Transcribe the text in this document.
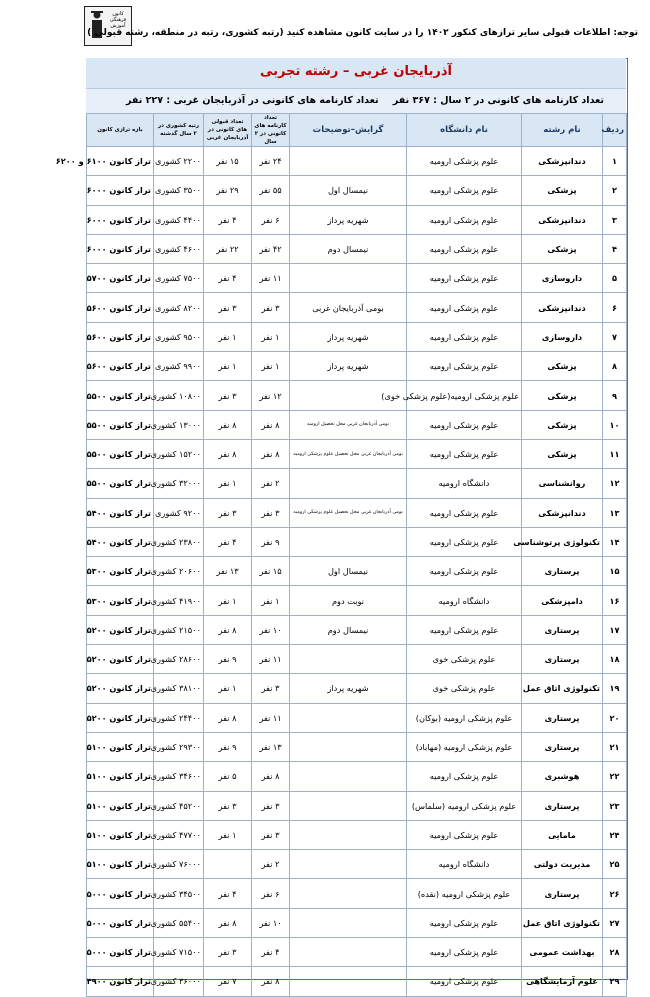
کانون فرهنگی آموزش
توجه: اطلاعات قبولی سایر ترازهای کنکور ۱۴۰۲ را در سایت کانون مشاهده کنید (رتبه کشوری، رتبه در منطقه، رشته قبولی )
آذربایجان غربی – رشته تجربی
تعداد کارنامه های کانونی در ۲ سال : ۳۶۷ نفر
تعداد کارنامه های کانونی در آذربایجان غربی : ۲۲۷ نفر
ردیف	نام رشته	نام دانشگاه	گرایش–توضیحات	تعداد کارنامه های کانونی در ۲ سال	تعداد قبولی های کانونی در آذربایجان غربی	رتبه کشوری در ۲ سال گذشته	بازه ترازی کانون
۱	دندانپزشکی	علوم پزشکی ارومیه		۲۴ نفر	۱۵ نفر	۲۲۰۰ کشوری	تراز کانون ۶۱۰۰ و ۶۲۰۰
۲	پزشکی	علوم پزشکی ارومیه	نیمسال اول	۵۵ نفر	۲۹ نفر	۳۵۰۰ کشوری	تراز کانون ۶۰۰۰
۳	دندانپزشکی	علوم پزشکی ارومیه	شهریه پرداز	۶ نفر	۴ نفر	۴۴۰۰ کشوری	تراز کانون ۶۰۰۰
۴	پزشکی	علوم پزشکی ارومیه	نیمسال دوم	۴۲ نفر	۲۲ نفر	۴۶۰۰ کشوری	تراز کانون ۶۰۰۰
۵	داروسازی	علوم پزشکی ارومیه		۱۱ نفر	۴ نفر	۷۵۰۰ کشوری	تراز کانون ۵۷۰۰
۶	دندانپزشکی	علوم پزشکی ارومیه	بومی آذربایجان غربی	۳ نفر	۳ نفر	۸۲۰۰ کشوری	تراز کانون ۵۶۰۰
۷	داروسازی	علوم پزشکی ارومیه	شهریه پرداز	۱ نفر	۱ نفر	۹۵۰۰ کشوری	تراز کانون ۵۶۰۰
۸	پزشکی	علوم پزشکی ارومیه	شهریه پرداز	۱ نفر	۱ نفر	۹۹۰۰ کشوری	تراز کانون ۵۶۰۰
۹	پزشکی	علوم پزشکی ارومیه(علوم پزشکی خوی)		۱۲ نفر	۳ نفر	۱۰۸۰۰ کشوری	تراز کانون ۵۵۰۰
۱۰	پزشکی	علوم پزشکی ارومیه	بومی آذربایجان غربی محل تحصیل ارومیه	۸ نفر	۸ نفر	۱۳۰۰۰ کشوری	تراز کانون ۵۵۰۰
۱۱	پزشکی	علوم پزشکی ارومیه	بومی آذربایجان غربی محل تحصیل علوم پزشکی ارومیه	۸ نفر	۸ نفر	۱۵۲۰۰ کشوری	تراز کانون ۵۵۰۰
۱۲	روانشناسی	دانشگاه ارومیه		۲ نفر	۱ نفر	۳۲۰۰۰ کشوری	تراز کانون ۵۵۰۰
۱۳	دندانپزشکی	علوم پزشکی ارومیه	بومی آذربایجان غربی محل تحصیل علوم پزشکی ارومیه	۳ نفر	۳ نفر	۹۲۰۰ کشوری	تراز کانون ۵۴۰۰
۱۴	تکنولوژی پرتوشناسی	علوم پزشکی ارومیه		۹ نفر	۴ نفر	۲۳۸۰۰ کشوری	تراز کانون ۵۴۰۰
۱۵	پرستاری	علوم پزشکی ارومیه	نیمسال اول	۱۵ نفر	۱۳ نفر	۲۰۶۰۰ کشوری	تراز کانون ۵۳۰۰
۱۶	دامپزشکی	دانشگاه ارومیه	نوبت دوم	۱ نفر	۱ نفر	۴۱۹۰۰ کشوری	تراز کانون ۵۳۰۰
۱۷	پرستاری	علوم پزشکی ارومیه	نیمسال دوم	۱۰ نفر	۸ نفر	۲۱۵۰۰ کشوری	تراز کانون ۵۲۰۰
۱۸	پرستاری	علوم پزشکی خوی		۱۱ نفر	۹ نفر	۲۸۶۰۰ کشوری	تراز کانون ۵۲۰۰
۱۹	تکنولوژی اتاق عمل	علوم پزشکی خوی	شهریه پرداز	۳ نفر	۱ نفر	۳۸۱۰۰ کشوری	تراز کانون ۵۲۰۰
۲۰	پرستاری	علوم پزشکی ارومیه (بوکان)		۱۱ نفر	۸ نفر	۲۴۴۰۰ کشوری	تراز کانون ۵۲۰۰
۲۱	پرستاری	علوم پزشکی ارومیه (مهاباد)		۱۳ نفر	۹ نفر	۲۹۳۰۰ کشوری	تراز کانون ۵۱۰۰
۲۲	هوشبری	علوم پزشکی ارومیه		۸ نفر	۵ نفر	۳۴۶۰۰ کشوری	تراز کانون ۵۱۰۰
۲۳	پرستاری	علوم پزشکی ارومیه (سلماس)		۳ نفر	۳ نفر	۴۵۲۰۰ کشوری	تراز کانون ۵۱۰۰
۲۴	مامایی	علوم پزشکی ارومیه		۳ نفر	۱ نفر	۴۷۷۰۰ کشوری	تراز کانون ۵۱۰۰
۲۵	مدیریت دولتی	دانشگاه ارومیه		۲ نفر		۷۶۰۰۰ کشوری	تراز کانون ۵۱۰۰
۲۶	پرستاری	علوم پزشکی ارومیه (نقده)		۶ نفر	۴ نفر	۳۴۵۰۰ کشوری	تراز کانون ۵۰۰۰
۲۷	تکنولوژی اتاق عمل	علوم پزشکی ارومیه		۱۰ نفر	۸ نفر	۵۵۴۰۰ کشوری	تراز کانون ۵۰۰۰
۲۸	بهداشت عمومی	علوم پزشکی ارومیه		۴ نفر	۳ نفر	۷۱۵۰۰ کشوری	تراز کانون ۵۰۰۰
۲۹	علوم آزمایشگاهی	علوم پزشکی ارومیه		۸ نفر	۷ نفر	۳۶۰۰۰ کشوری	تراز کانون ۴۹۰۰
